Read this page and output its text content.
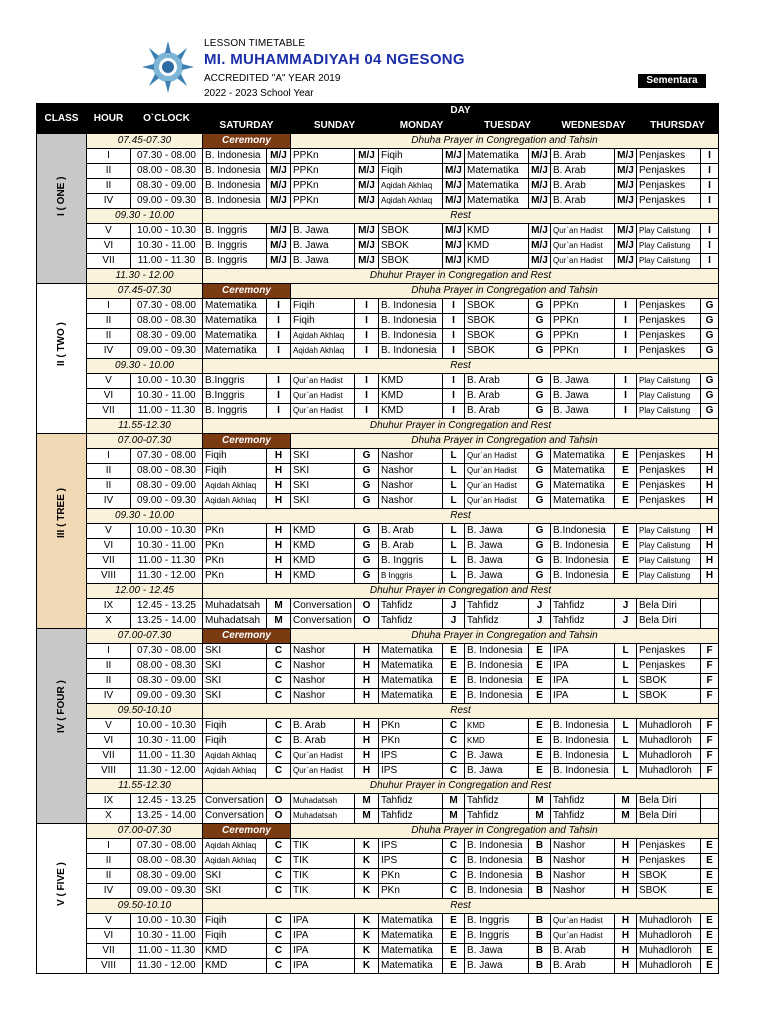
LESSON TIMETABLE
MI. MUHAMMADIYAH 04 NGESONG
ACCREDITED "A" YEAR 2019
2022 - 2023 School Year
Sementara
CLASS	HOUR	O`CLOCK	DAY											
			SATURDAY		SUNDAY		MONDAY		TUESDAY		WEDNESDAY		THURSDAY	

I ( ONE )	07.45-07.30		Ceremony		Dhuha Prayer in Congregation and Tahsin									
	I	07.30 - 08.00	B. Indonesia	M/J	PPKn	M/J	Fiqih	M/J	Matematika	M/J	B. Arab	M/J	Penjaskes	I
	II	08.00 - 08.30	B. Indonesia	M/J	PPKn	M/J	Fiqih	M/J	Matematika	M/J	B. Arab	M/J	Penjaskes	I
	II	08.30 - 09.00	B. Indonesia	M/J	PPKn	M/J	Aqidah Akhlaq	M/J	Matematika	M/J	B. Arab	M/J	Penjaskes	I
	IV	09.00 - 09.30	B. Indonesia	M/J	PPKn	M/J	Aqidah Akhlaq	M/J	Matematika	M/J	B. Arab	M/J	Penjaskes	I
	09.30 - 10.00		Rest											
	V	10.00 - 10.30	B. Inggris	M/J	B. Jawa	M/J	SBOK	M/J	KMD	M/J	Qur`an Hadist	M/J	Play Calistung	I
	VI	10.30 - 11.00	B. Inggris	M/J	B. Jawa	M/J	SBOK	M/J	KMD	M/J	Qur`an Hadist	M/J	Play Calistung	I
	VII	11.00 - 11.30	B. Inggris	M/J	B. Jawa	M/J	SBOK	M/J	KMD	M/J	Qur`an Hadist	M/J	Play Calistung	I
	11.30 - 12.00		Dhuhur Prayer in Congregation and Rest											

II ( TWO )	07.45-07.30		Ceremony		Dhuha Prayer in Congregation and Tahsin									
	I	07.30 - 08.00	Matematika	I	Fiqih	I	B. Indonesia	I	SBOK	G	PPKn	I	Penjaskes	G
	II	08.00 - 08.30	Matematika	I	Fiqih	I	B. Indonesia	I	SBOK	G	PPKn	I	Penjaskes	G
	II	08.30 - 09.00	Matematika	I	Aqidah Akhlaq	I	B. Indonesia	I	SBOK	G	PPKn	I	Penjaskes	G
	IV	09.00 - 09.30	Matematika	I	Aqidah Akhlaq	I	B. Indonesia	I	SBOK	G	PPKn	I	Penjaskes	G
	09.30 - 10.00		Rest											
	V	10.00 - 10.30	B.Inggris	I	Qur`an Hadist	I	KMD	I	B. Arab	G	B. Jawa	I	Play Calistung	G
	VI	10.30 - 11.00	B.Inggris	I	Qur`an Hadist	I	KMD	I	B. Arab	G	B. Jawa	I	Play Calistung	G
	VII	11.00 - 11.30	B. Inggris	I	Qur`an Hadist	I	KMD	I	B. Arab	G	B. Jawa	I	Play Calistung	G
	11.55-12.30		Dhuhur Prayer in Congregation and Rest											

III ( TREE )	07.00-07.30		Ceremony		Dhuha Prayer in Congregation and Tahsin									
	I	07.30 - 08.00	Fiqih	H	SKI	G	Nashor	L	Qur`an Hadist	G	Matematika	E	Penjaskes	H
	II	08.00 - 08.30	Fiqih	H	SKI	G	Nashor	L	Qur`an Hadist	G	Matematika	E	Penjaskes	H
	II	08.30 - 09.00	Aqidah Akhlaq	H	SKI	G	Nashor	L	Qur`an Hadist	G	Matematika	E	Penjaskes	H
	IV	09.00 - 09.30	Aqidah Akhlaq	H	SKI	G	Nashor	L	Qur`an Hadist	G	Matematika	E	Penjaskes	H
	09.30 - 10.00		Rest											
	V	10.00 - 10.30	PKn	H	KMD	G	B. Arab	L	B. Jawa	G	B.Indonesia	E	Play Calistung	H
	VI	10.30 - 11.00	PKn	H	KMD	G	B. Arab	L	B. Jawa	G	B. Indonesia	E	Play Calistung	H
	VII	11.00 - 11.30	PKn	H	KMD	G	B. Inggris	L	B. Jawa	G	B. Indonesia	E	Play Calistung	H
	VIII	11.30 - 12.00	PKn	H	KMD	G	B Inggris	L	B. Jawa	G	B. Indonesia	E	Play Calistung	H
	12.00 - 12.45		Dhuhur Prayer in Congregation and Rest											
	IX	12.45 - 13.25	Muhadatsah	M	Conversation	O	Tahfidz	J	Tahfidz	J	Tahfidz	J	Bela Diri	
	X	13.25 - 14.00	Muhadatsah	M	Conversation	O	Tahfidz	J	Tahfidz	J	Tahfidz	J	Bela Diri	

IV ( FOUR )	07.00-07.30		Ceremony		Dhuha Prayer in Congregation and Tahsin									
	I	07.30 - 08.00	SKI	C	Nashor	H	Matematika	E	B. Indonesia	E	IPA	L	Penjaskes	F
	II	08.00 - 08.30	SKI	C	Nashor	H	Matematika	E	B. Indonesia	E	IPA	L	Penjaskes	F
	II	08.30 - 09.00	SKI	C	Nashor	H	Matematika	E	B. Indonesia	E	IPA	L	SBOK	F
	IV	09.00 - 09.30	SKI	C	Nashor	H	Matematika	E	B. Indonesia	E	IPA	L	SBOK	F
	09.50-10.10		Rest											
	V	10.00 - 10.30	Fiqih	C	B. Arab	H	PKn	C	KMD	E	B. Indonesia	L	Muhadloroh	F
	VI	10.30 - 11.00	Fiqih	C	B. Arab	H	PKn	C	KMD	E	B. Indonesia	L	Muhadloroh	F
	VII	11.00 - 11.30	Aqidah Akhlaq	C	Qur`an Hadist	H	IPS	C	B. Jawa	E	B. Indonesia	L	Muhadloroh	F
	VIII	11.30 - 12.00	Aqidah Akhlaq	C	Qur`an Hadist	H	IPS	C	B. Jawa	E	B. Indonesia	L	Muhadloroh	F
	11.55-12.30		Dhuhur Prayer in Congregation and Rest											
	IX	12.45 - 13.25	Conversation	O	Muhadatsah	M	Tahfidz	M	Tahfidz	M	Tahfidz	M	Bela Diri	
	X	13.25 - 14.00	Conversation	O	Muhadatsah	M	Tahfidz	M	Tahfidz	M	Tahfidz	M	Bela Diri	

V ( FIVE )	07.00-07.30		Ceremony		Dhuha Prayer in Congregation and Tahsin									
	I	07.30 - 08.00	Aqidah Akhlaq	C	TIK	K	IPS	C	B. Indonesia	B	Nashor	H	Penjaskes	E
	II	08.00 - 08.30	Aqidah Akhlaq	C	TIK	K	IPS	C	B. Indonesia	B	Nashor	H	Penjaskes	E
	II	08.30 - 09.00	SKI	C	TIK	K	PKn	C	B. Indonesia	B	Nashor	H	SBOK	E
	IV	09.00 - 09.30	SKI	C	TIK	K	PKn	C	B. Indonesia	B	Nashor	H	SBOK	E
	09.50-10.10		Rest											
	V	10.00 - 10.30	Fiqih	C	IPA	K	Matematika	E	B. Inggris	B	Qur`an Hadist	H	Muhadloroh	E
	VI	10.30 - 11.00	Fiqih	C	IPA	K	Matematika	E	B. Inggris	B	Qur`an Hadist	H	Muhadloroh	E
	VII	11.00 - 11.30	KMD	C	IPA	K	Matematika	E	B. Jawa	B	B. Arab	H	Muhadloroh	E
	VIII	11.30 - 12.00	KMD	C	IPA	K	Matematika	E	B. Jawa	B	B. Arab	H	Muhadloroh	E
